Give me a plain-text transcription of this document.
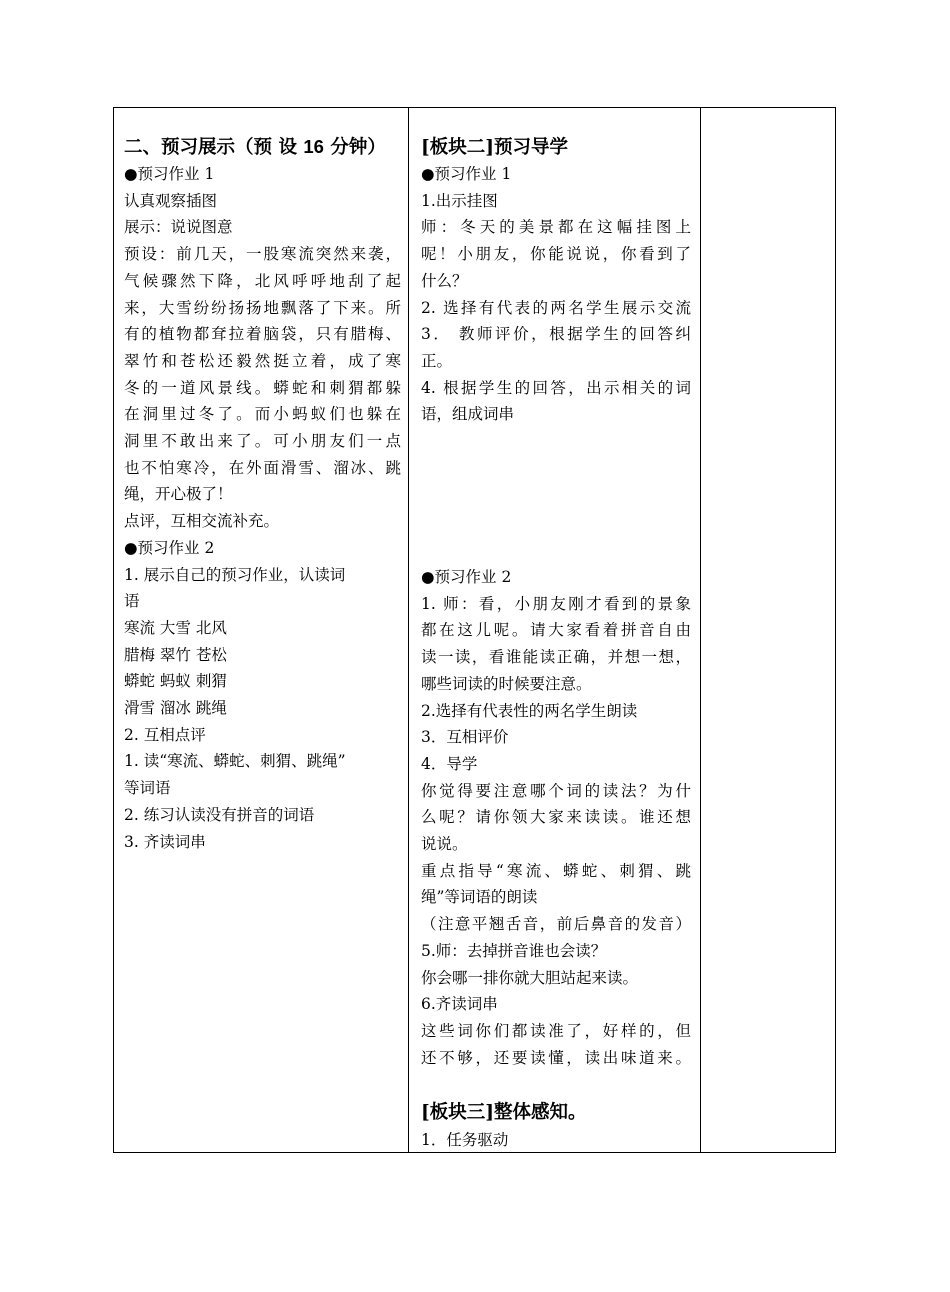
二、预习展示（预 设 16 分钟）
●预习作业 1
认真观察插图
展示：说说图意
预设：前几天，一股寒流突然来袭，
气候骤然下降，北风呼呼地刮了起
来，大雪纷纷扬扬地飘落了下来。所
有的植物都耷拉着脑袋，只有腊梅、
翠竹和苍松还毅然挺立着，成了寒
冬的一道风景线。蟒蛇和刺猬都躲
在洞里过冬了。而小蚂蚁们也躲在
洞里不敢出来了。可小朋友们一点
也不怕寒冷，在外面滑雪、溜冰、跳
绳，开心极了！
点评，互相交流补充。
●预习作业 2
1. 展示自己的预习作业，认读词
语
寒流 大雪 北风
腊梅 翠竹 苍松
蟒蛇 蚂蚁 刺猬
滑雪 溜冰 跳绳
2. 互相点评
1. 读“寒流、蟒蛇、刺猬、跳绳”
等词语
2. 练习认读没有拼音的词语
3. 齐读词串
[板块二]预习导学
[板块三]整体感知。
●预习作业 1
1.出示挂图
师：冬天的美景都在这幅挂图上
呢！小朋友，你能说说，你看到了
什么？
2. 选择有代表的两名学生展示交流
3． 教师评价，根据学生的回答纠
正。
4. 根据学生的回答，出示相关的词
语，组成词串
●预习作业 2
1. 师：看，小朋友刚才看到的景象
都在这儿呢。请大家看着拼音自由
读一读，看谁能读正确，并想一想，
哪些词读的时候要注意。
2.选择有代表性的两名学生朗读
3．互相评价
4．导学
你觉得要注意哪个词的读法？为什
么呢？请你领大家来读读。谁还想
说说。
重点指导“寒流、蟒蛇、刺猬、跳
绳”等词语的朗读
（注意平翘舌音，前后鼻音的发音）
5.师：去掉拼音谁也会读？
你会哪一排你就大胆站起来读。
6.齐读词串
这些词你们都读准了，好样的，但
还不够，还要读懂，读出味道来。
1．任务驱动
